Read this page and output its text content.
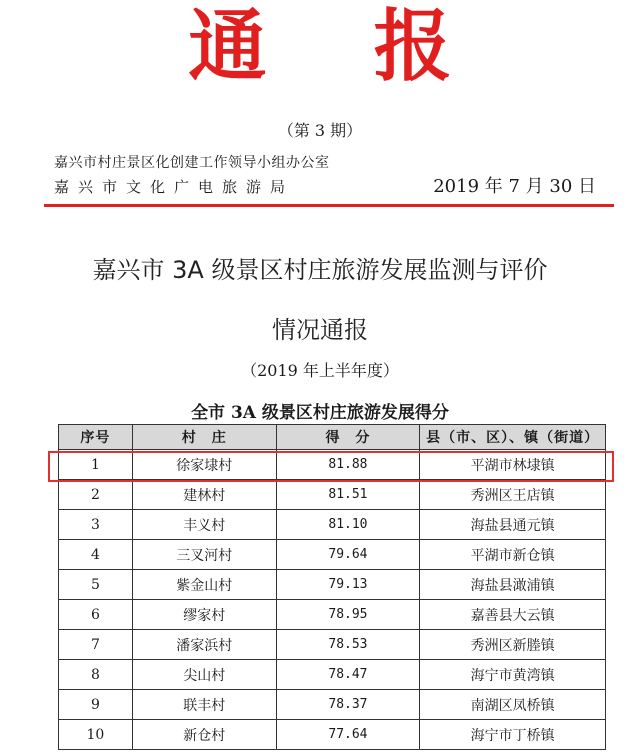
通 报
（第 3 期）
嘉兴市村庄景区化创建工作领导小组办公室
嘉兴市文化广电旅游局	2019 年 7 月 30 日
嘉兴市 3A 级景区村庄旅游发展监测与评价
情况通报
（2019 年上半年度）
全市 3A 级景区村庄旅游发展得分
序号	村　庄	得　分	县（市、区）、镇（街道）
1	徐家埭村	81.88	平湖市林埭镇
2	建林村	81.51	秀洲区王店镇
3	丰义村	81.10	海盐县通元镇
4	三叉河村	79.64	平湖市新仓镇
5	紫金山村	79.13	海盐县澉浦镇
6	缪家村	78.95	嘉善县大云镇
7	潘家浜村	78.53	秀洲区新塍镇
8	尖山村	78.47	海宁市黄湾镇
9	联丰村	78.37	南湖区凤桥镇
10	新仓村	77.64	海宁市丁桥镇
